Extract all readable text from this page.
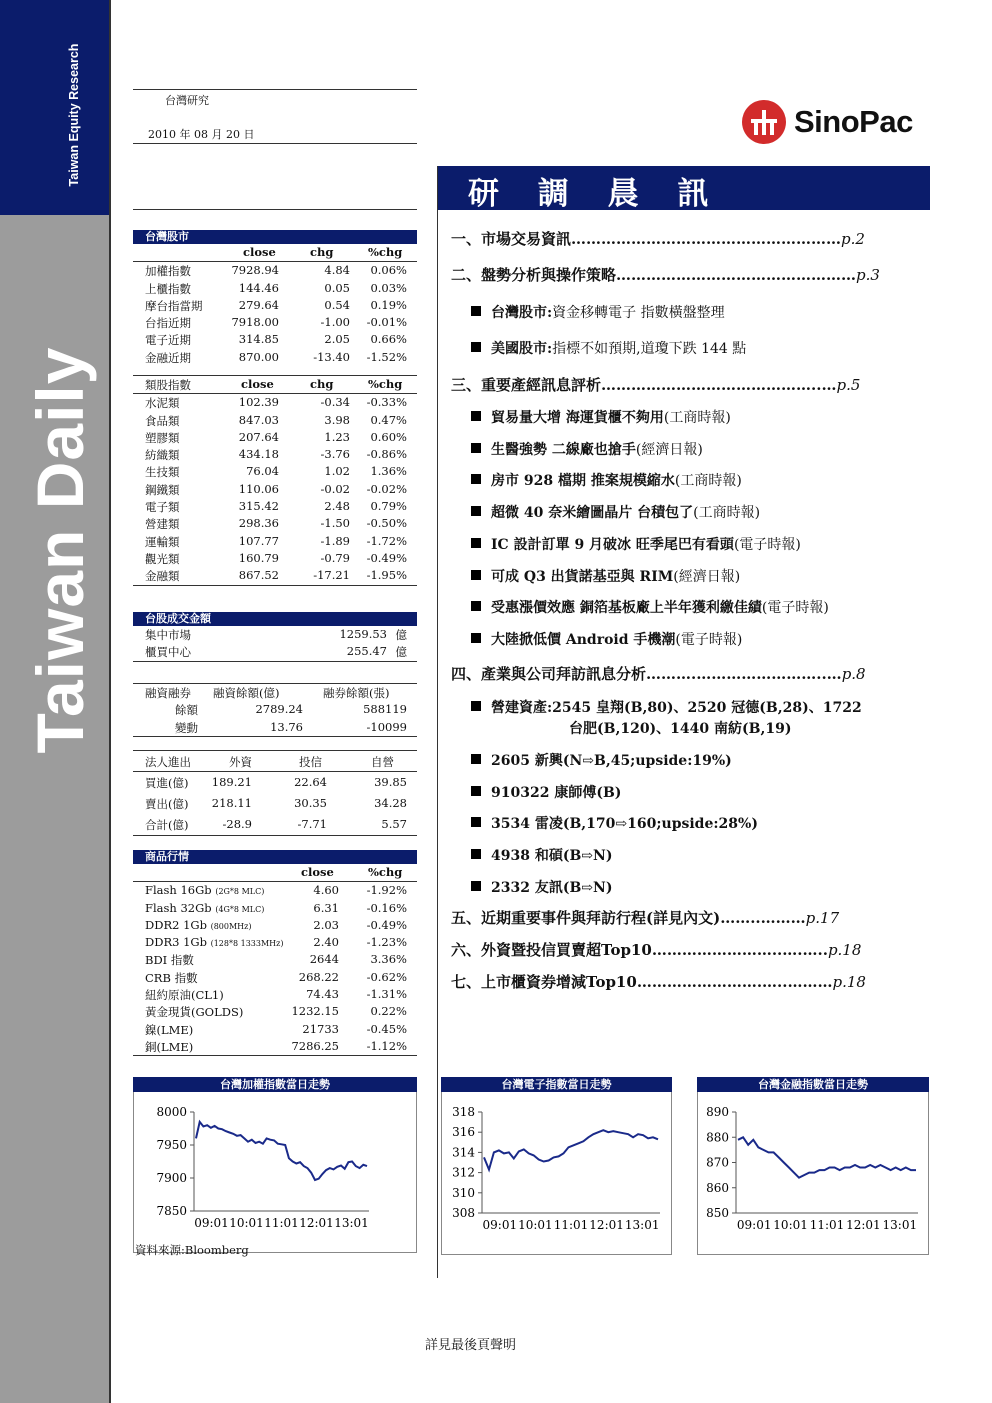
Taiwan Equity Research
Taiwan Daily
台灣研究
2010 年 08 月 20 日	SinoPac
研 調 晨 訊
台灣股市
close	chg	%chg
加權指數	7928.94	4.84 0.06%
上櫃指數	144.46	0.05 0.03%
摩台指當期	279.64	0.54 0.19%
台指近期	7918.00	-1.00 -0.01%
電子近期	314.85	2.05 0.66%
金融近期	870.00	-13.40 -1.52%
類股指數	close	chg	%chg
水泥類	102.39	-0.34 -0.33%
食品類	847.03	3.98 0.47%
塑膠類	207.64	1.23 0.60%
紡織類	434.18	-3.76 -0.86%
生技類	76.04	1.02 1.36%
鋼鐵類	110.06	-0.02 -0.02%
電子類	315.42	2.48 0.79%
營建類	298.36	-1.50 -0.50%
運輸類	107.77	-1.89 -1.72%
觀光類	160.79	-0.79 -0.49%
金融類	867.52	-17.21 -1.95%
台股成交金額
集中市場	1259.53 億
櫃買中心	255.47 億
融資融券 融資餘額(億)	融券餘額(張)
餘額	2789.24	588119
變動	13.76	-10099
法人進出	外資	投信	自營
買進(億) 189.21	22.64	39.85
賣出(億) 218.11	30.35	34.28
合計(億)	-28.9	-7.71	5.57
商品行情
close	%chg
Flash 16Gb (2G*8 MLC)	4.60 -1.92%
Flash 32Gb (4G*8 MLC)	6.31 -0.16%
DDR2 1Gb (800MHz)	2.03 -0.49%
DDR3 1Gb (128*8 1333MHz)	2.40 -1.23%
BDI 指數	2644	3.36%
CRB 指數	268.22 -0.62%
紐約原油(CL1)	74.43 -1.31%
黃金現貨(GOLDS)	1232.15	0.22%
鎳(LME)	21733 -0.45%
銅(LME)	7286.25 -1.12%
一、市場交易資訊………………………………………………p.2
二、盤勢分析與操作策略…………………………………………p.3
台灣股市:資金移轉電子 指數橫盤整理
美國股市:指標不如預期,道瓊下跌 144 點
三、重要產經訊息評析……………………………………..…p.5
貿易量大增 海運貨櫃不夠用(工商時報)
生醫強勢 二線廠也搶手(經濟日報)
房市 928 檔期 推案規模縮水(工商時報)
超微 40 奈米繪圖晶片 台積包了(工商時報)
IC 設計訂單 9 月破冰 旺季尾巴有看頭(電子時報)
可成 Q3 出貨諾基亞與 RIM(經濟日報)
受惠漲價效應 銅箔基板廠上半年獲利繳佳績(電子時報)
大陸掀低價 Android 手機潮(電子時報)
四、產業與公司拜訪訊息分析……….……………………..…p.8
營建資產:2545 皇翔(B,80)、2520 冠德(B,28)、1722
台肥(B,120)、1440 南紡(B,19)
2605 新興(N⇨B,45;upside:19%)
910322 康師傅(B)
3534 雷凌(B,170⇨160;upside:28%)
4938 和碩(B⇨N)
2332 友訊(B⇨N)
五、近期重要事件與拜訪行程(詳見內文)……..………p.17
六、外資暨投信買賣超Top10……………………..….…..p.18
七、上市櫃資券增減Top10…………………….…..………p.18
台灣加權指數當日走勢
8000
7950
7900
7850
09:01 10:01 11:01 12:01 13:01
台灣電子指數當日走勢
318
316
314
312
310
308
09:01 10:01 11:01 12:01 13:01
台灣金融指數當日走勢
890
880
870
860
850
09:01 10:01 11:01 12:01 13:01
資料來源:Bloomberg
詳見最後頁聲明
